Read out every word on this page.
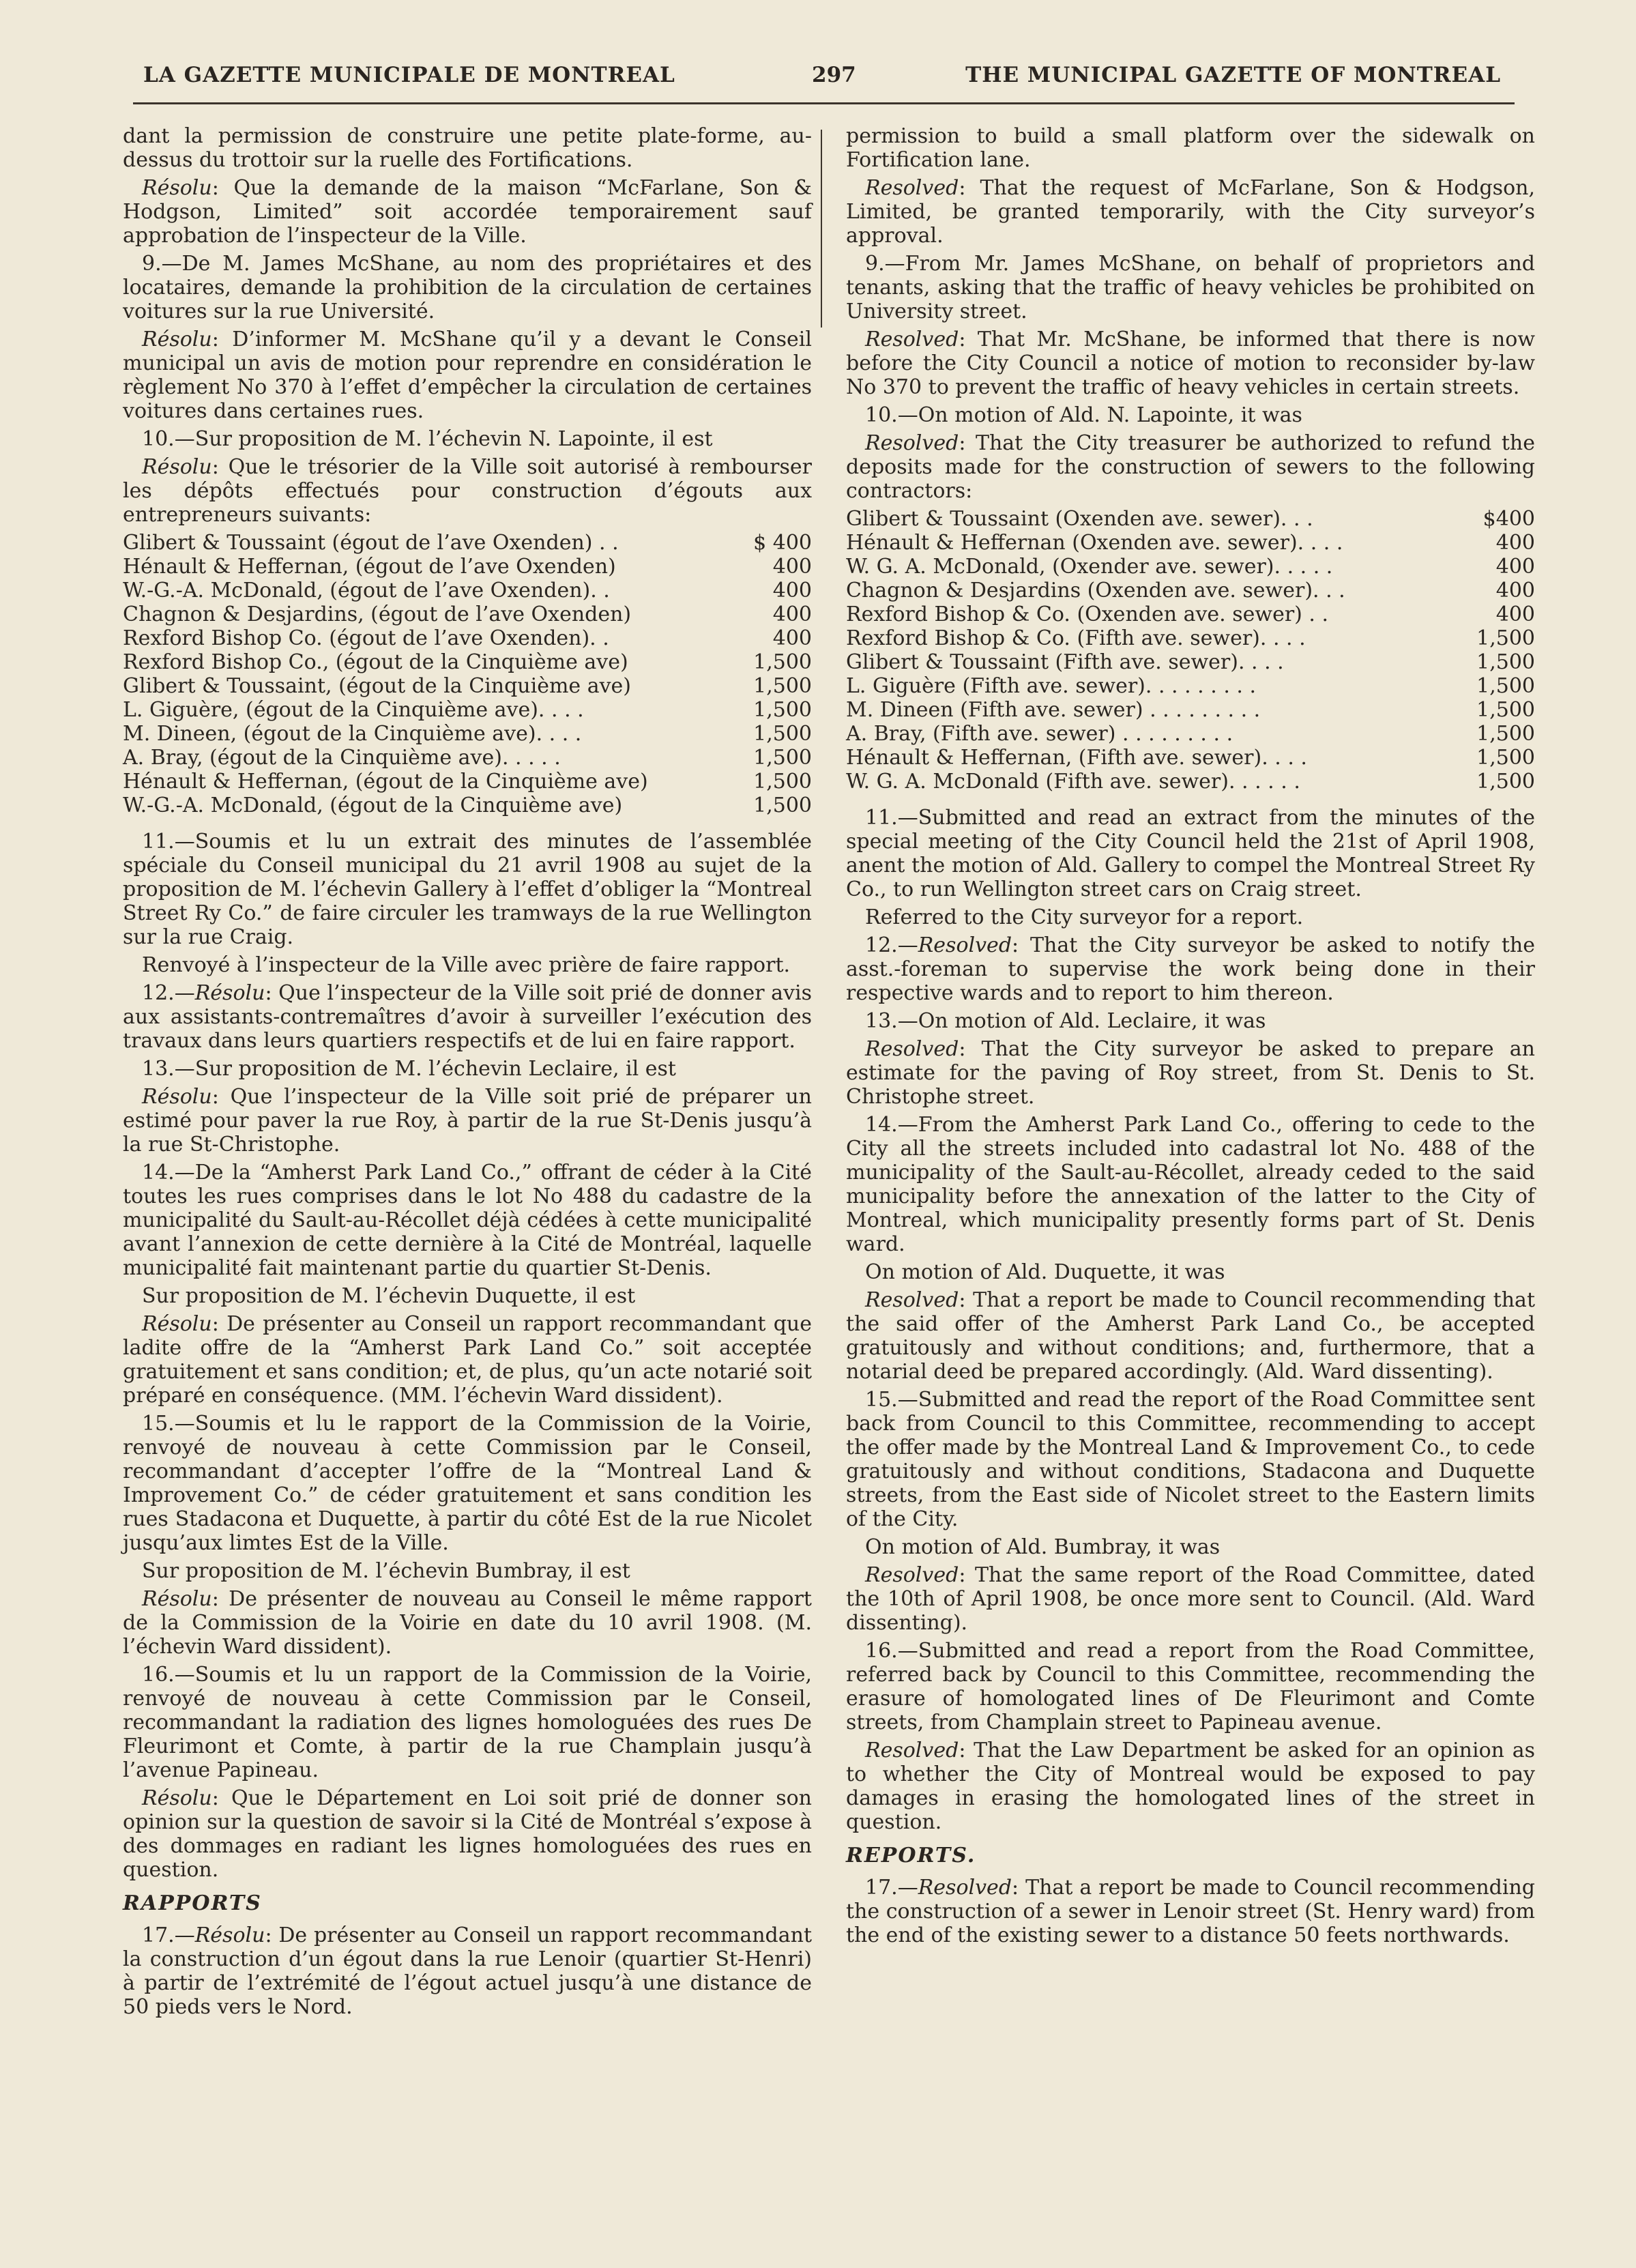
LA GAZETTE MUNICIPALE DE MONTREAL	297	THE MUNICIPAL GAZETTE OF MONTREAL

dant la permission de construire une petite plate-forme, au-dessus du trottoir sur la ruelle des Fortifications.

Résolu: Que la demande de la maison “McFarlane, Son & Hodgson, Limited” soit accordée temporairement sauf approbation de l’inspecteur de la Ville.

9.—De M. James McShane, au nom des propriétaires et des locataires, demande la prohibition de la circulation de certaines voitures sur la rue Université.

Résolu: D’informer M. McShane qu’il y a devant le Conseil municipal un avis de motion pour reprendre en considération le règlement No 370 à l’effet d’empêcher la circulation de certaines voitures dans certaines rues.

10.—Sur proposition de M. l’échevin N. Lapointe, il est

Résolu: Que le trésorier de la Ville soit autorisé à rembourser les dépôts effectués pour construction d’égouts aux entrepreneurs suivants:

Glibert & Toussaint (égout de l’ave Oxenden) . .	$ 400
Hénault & Heffernan, (égout de l’ave Oxenden)	400
W.-G.-A. McDonald, (égout de l’ave Oxenden). .	400
Chagnon & Desjardins, (égout de l’ave Oxenden)	400
Rexford Bishop Co. (égout de l’ave Oxenden). .	400
Rexford Bishop Co., (égout de la Cinquième ave)	1,500
Glibert & Toussaint, (égout de la Cinquième ave)	1,500
L. Giguère, (égout de la Cinquième ave). . . .	1,500
M. Dineen, (égout de la Cinquième ave). . . .	1,500
A. Bray, (égout de la Cinquième ave). . . . .	1,500
Hénault & Heffernan, (égout de la Cinquième ave)	1,500
W.-G.-A. McDonald, (égout de la Cinquième ave)	1,500

11.—Soumis et lu un extrait des minutes de l’assemblée spéciale du Conseil municipal du 21 avril 1908 au sujet de la proposition de M. l’échevin Gallery à l’effet d’obliger la “Montreal Street Ry Co.” de faire circuler les tramways de la rue Wellington sur la rue Craig.

Renvoyé à l’inspecteur de la Ville avec prière de faire rapport.

12.—Résolu: Que l’inspecteur de la Ville soit prié de donner avis aux assistants-contremaîtres d’avoir à surveiller l’exécution des travaux dans leurs quartiers respectifs et de lui en faire rapport.

13.—Sur proposition de M. l’échevin Leclaire, il est

Résolu: Que l’inspecteur de la Ville soit prié de préparer un estimé pour paver la rue Roy, à partir de la rue St-Denis jusqu’à la rue St-Christophe.

14.—De la “Amherst Park Land Co.,” offrant de céder à la Cité toutes les rues comprises dans le lot No 488 du cadastre de la municipalité du Sault-au-Récollet déjà cédées à cette municipalité avant l’annexion de cette dernière à la Cité de Montréal, laquelle municipalité fait maintenant partie du quartier St-Denis.

Sur proposition de M. l’échevin Duquette, il est

Résolu: De présenter au Conseil un rapport recommandant que ladite offre de la “Amherst Park Land Co.” soit acceptée gratuitement et sans condition; et, de plus, qu’un acte notarié soit préparé en conséquence. (MM. l’échevin Ward dissident).

15.—Soumis et lu le rapport de la Commission de la Voirie, renvoyé de nouveau à cette Commission par le Conseil, recommandant d’accepter l’offre de la “Montreal Land & Improvement Co.” de céder gratuitement et sans condition les rues Stadacona et Duquette, à partir du côté Est de la rue Nicolet jusqu’aux limtes Est de la Ville.

Sur proposition de M. l’échevin Bumbray, il est

Résolu: De présenter de nouveau au Conseil le même rapport de la Commission de la Voirie en date du 10 avril 1908. (M. l’échevin Ward dissident).

16.—Soumis et lu un rapport de la Commission de la Voirie, renvoyé de nouveau à cette Commission par le Conseil, recommandant la radiation des lignes homologuées des rues De Fleurimont et Comte, à partir de la rue Champlain jusqu’à l’avenue Papineau.

Résolu: Que le Département en Loi soit prié de donner son opinion sur la question de savoir si la Cité de Montréal s’expose à des dommages en radiant les lignes homologuées des rues en question.

RAPPORTS

17.—Résolu: De présenter au Conseil un rapport recommandant la construction d’un égout dans la rue Lenoir (quartier St-Henri) à partir de l’extrémité de l’égout actuel jusqu’à une distance de 50 pieds vers le Nord.

permission to build a small platform over the sidewalk on Fortification lane.

Resolved: That the request of McFarlane, Son & Hodgson, Limited, be granted temporarily, with the City surveyor’s approval.

9.—From Mr. James McShane, on behalf of proprietors and tenants, asking that the traffic of heavy vehicles be prohibited on University street.

Resolved: That Mr. McShane, be informed that there is now before the City Council a notice of motion to reconsider by-law No 370 to prevent the traffic of heavy vehicles in certain streets.

10.—On motion of Ald. N. Lapointe, it was

Resolved: That the City treasurer be authorized to refund the deposits made for the construction of sewers to the following contractors:

Glibert & Toussaint (Oxenden ave. sewer). . .	$400
Hénault & Heffernan (Oxenden ave. sewer). . . .	400
W. G. A. McDonald, (Oxender ave. sewer). . . . .	400
Chagnon & Desjardins (Oxenden ave. sewer). . .	400
Rexford Bishop & Co. (Oxenden ave. sewer) . .	400
Rexford Bishop & Co. (Fifth ave. sewer). . . .	1,500
Glibert & Toussaint (Fifth ave. sewer). . . .	1,500
L. Giguère (Fifth ave. sewer). . . . . . . . .	1,500
M. Dineen (Fifth ave. sewer) . . . . . . . . .	1,500
A. Bray, (Fifth ave. sewer) . . . . . . . . .	1,500
Hénault & Heffernan, (Fifth ave. sewer). . . .	1,500
W. G. A. McDonald (Fifth ave. sewer). . . . . .	1,500

11.—Submitted and read an extract from the minutes of the special meeting of the City Council held the 21st of April 1908, anent the motion of Ald. Gallery to compel the Montreal Street Ry Co., to run Wellington street cars on Craig street.

Referred to the City surveyor for a report.

12.—Resolved: That the City surveyor be asked to notify the asst.-foreman to supervise the work being done in their respective wards and to report to him thereon.

13.—On motion of Ald. Leclaire, it was

Resolved: That the City surveyor be asked to prepare an estimate for the paving of Roy street, from St. Denis to St. Christophe street.

14.—From the Amherst Park Land Co., offering to cede to the City all the streets included into cadastral lot No. 488 of the municipality of the Sault-au-Récollet, already ceded to the said municipality before the annexation of the latter to the City of Montreal, which municipality presently forms part of St. Denis ward.

On motion of Ald. Duquette, it was

Resolved: That a report be made to Council recommending that the said offer of the Amherst Park Land Co., be accepted gratuitously and without conditions; and, furthermore, that a notarial deed be prepared accordingly. (Ald. Ward dissenting).

15.—Submitted and read the report of the Road Committee sent back from Council to this Committee, recommending to accept the offer made by the Montreal Land & Improvement Co., to cede gratuitously and without conditions, Stadacona and Duquette streets, from the East side of Nicolet street to the Eastern limits of the City.

On motion of Ald. Bumbray, it was

Resolved: That the same report of the Road Committee, dated the 10th of April 1908, be once more sent to Council. (Ald. Ward dissenting).

16.—Submitted and read a report from the Road Committee, referred back by Council to this Committee, recommending the erasure of homologated lines of De Fleurimont and Comte streets, from Champlain street to Papineau avenue.

Resolved: That the Law Department be asked for an opinion as to whether the City of Montreal would be exposed to pay damages in erasing the homologated lines of the street in question.

REPORTS.

17.—Resolved: That a report be made to Council recommending the construction of a sewer in Lenoir street (St. Henry ward) from the end of the existing sewer to a distance 50 feets northwards.
